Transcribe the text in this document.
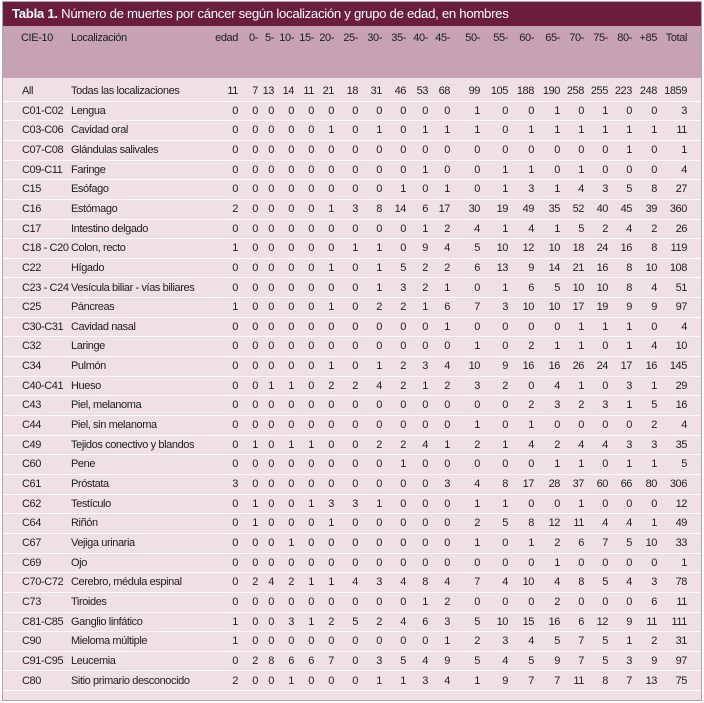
Tabla 1. Número de muertes por cáncer según localización y grupo de edad, en hombres
CIE-10 Localización	edad 0- 5- 10- 15- 20- 25- 30- 35- 40- 45- 50- 55- 60- 65- 70- 75- 80- +85 Total
All	Todas las localizaciones	11 7 13 14 11 21 18 31 46 53 68 99 105 188 190 258 255 223 248 1859
C01-C02 Lengua	0 0 0 0 0 0 0 0 0 0 0 1 0 0 1 0 1 0 0 3
C03-C06 Cavidad oral	0 0 0 0 0 1 0 1 0 1 1 1 0 1 1 1 1 1 1 11
C07-C08 Glándulas salivales	0 0 0 0 0 0 0 0 0 0 0 0 0 0 0 0 0 1 0 1
C09-C11 Faringe	0 0 0 0 0 0 0 0 0 1 0 0 1 1 0 1 0 0 0 4
C15	Esófago	0 0 0 0 0 0 0 0 1 0 1 0 1 3 1 4 3 5 8 27
C16	Estómago	2 0 0 0 0 1 3 8 14 6 17 30 19 49 35 52 40 45 39 360
C17	Intestino delgado	0 0 0 0 0 0 0 0 0 1 2 4 1 4 1 5 2 4 2 26
C18 - C20 Colon, recto	1 0 0 0 0 0 1 1 0 9 4 5 10 12 10 18 24 16 8 119
C22	Hígado	0 0 0 0 0 1 0 1 5 2 2 6 13 9 14 21 16 8 10 108
C23 - C24 Vesícula biliar - vías biliares	0 0 0 0 0 0 0 1 3 2 1 0 1 6 5 10 10 8 4 51
C25	Páncreas	1 0 0 0 0 1 0 2 2 1 6 7 3 10 10 17 19 9 9 97
C30-C31 Cavidad nasal	0 0 0 0 0 0 0 0 0 0 1 0 0 0 0 1 1 1 0 4
C32	Laringe	0 0 0 0 0 0 0 0 0 0 0 1 0 2 1 1 0 1 4 10
C34	Pulmón	0 0 0 0 0 1 0 1 2 3 4 10 9 16 16 26 24 17 16 145
C40-C41 Hueso	0 0 1 1 0 2 2 4 2 1 2 3 2 0 4 1 0 3 1 29
C43	Piel, melanoma	0 0 0 0 0 0 0 0 0 0 0 0 0 2 3 2 3 1 5 16
C44	Piel, sin melanoma	0 0 0 0 0 0 0 0 0 0 0 1 0 1 0 0 0 0 2 4
C49	Tejidos conectivo y blandos	0 1 0 1 1 0 0 2 2 4 1 2 1 4 2 4 4 3 3 35
C60	Pene	0 0 0 0 0 0 0 0 1 0 0 0 0 0 1 1 0 1 1 5
C61	Próstata	3 0 0 0 0 0 0 0 0 0 3 4 8 17 28 37 60 66 80 306
C62	Testículo	0 1 0 0 1 3 3 1 0 0 0 1 1 0 0 1 0 0 0 12
C64	Riñón	0 1 0 0 0 1 0 0 0 0 0 2 5 8 12 11 4 4 1 49
C67	Vejiga urinaria	0 0 0 1 0 0 0 0 0 0 0 1 0 1 2 6 7 5 10 33
C69	Ojo	0 0 0 0 0 0 0 0 0 0 0 0 0 0 1 0 0 0 0 1
C70-C72 Cerebro, médula espinal	0 2 4 2 1 1 4 3 4 8 4 7 4 10 4 8 5 4 3 78
C73	Tiroides	0 0 0 0 0 0 0 0 0 1 2 0 0 0 2 0 0 0 6 11
C81-C85 Ganglio linfático	1 0 0 3 1 2 5 2 4 6 3 5 10 15 16 6 12 9 11 111
C90	Mieloma múltiple	1 0 0 0 0 0 0 0 0 0 1 2 3 4 5 7 5 1 2 31
C91-C95 Leucemia	0 2 8 6 6 7 0 3 5 4 9 5 4 5 9 7 5 3 9 97
C80	Sitio primario desconocido	2 0 0 1 0 0 0 1 1 3 4 1 9 7 7 11 8 7 13 75
